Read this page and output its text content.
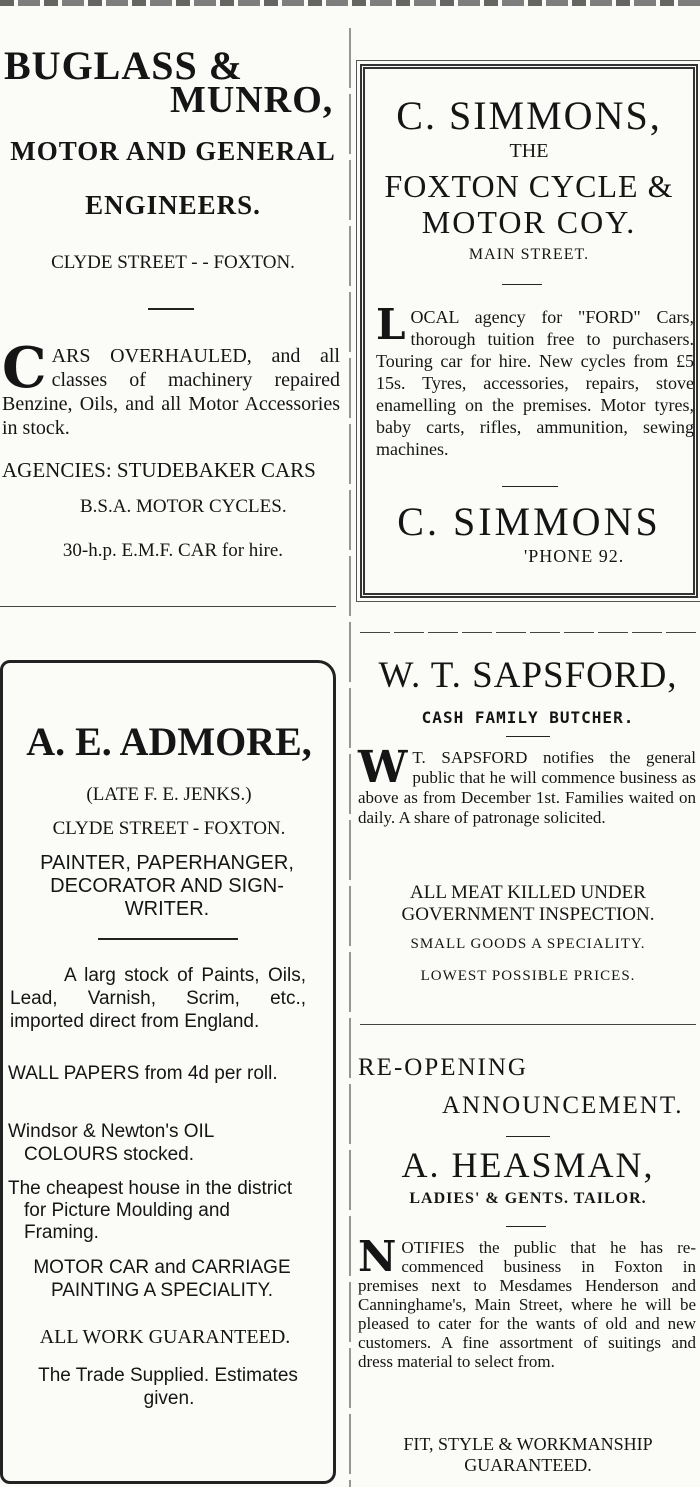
BUGLASS &
MUNRO,
MOTOR AND GENERAL
ENGINEERS.
CLYDE STREET - - FOXTON.
C ARS OVERHAULED, and all classes of machinery repaired Benzine, Oils, and all Motor Accessories in stock.
AGENCIES: STUDEBAKER CARS
B.S.A. MOTOR CYCLES.
30-h.p. E.M.F. CAR for hire.
A. E. ADMORE,
(LATE F. E. JENKS.)
CLYDE STREET - FOXTON.
PAINTER, PAPERHANGER, DECORATOR AND SIGN-WRITER.
A larg stock of Paints, Oils, Lead, Varnish, Scrim, etc., imported direct from England.
WALL PAPERS from 4d per roll.
Windsor & Newton's OIL COLOURS stocked.
The cheapest house in the district for Picture Moulding and Framing.
MOTOR CAR and CARRIAGE PAINTING A SPECIALITY.
ALL WORK GUARANTEED.
The Trade Supplied. Estimates given.
C. SIMMONS,
THE
FOXTON CYCLE &
MOTOR COY.
MAIN STREET.
L OCAL agency for "FORD" Cars, thorough tuition free to purchasers. Touring car for hire. New cycles from £5 15s. Tyres, accessories, repairs, stove enamelling on the premises. Motor tyres, baby carts, rifles, ammunition, sewing machines.
C. SIMMONS
'PHONE 92.
W. T. SAPSFORD,
CASH FAMILY BUTCHER.
W T. SAPSFORD notifies the general public that he will commence business as above as from December 1st. Families waited on daily. A share of patronage solicited.
ALL MEAT KILLED UNDER GOVERNMENT INSPECTION.
SMALL GOODS A SPECIALITY.
LOWEST POSSIBLE PRICES.
RE-OPENING
ANNOUNCEMENT.
A. HEASMAN,
LADIES' & GENTS. TAILOR.
N OTIFIES the public that he has re-commenced business in Foxton in premises next to Mesdames Henderson and Canninghame's, Main Street, where he will be pleased to cater for the wants of old and new customers. A fine assortment of suitings and dress material to select from.
FIT, STYLE & WORKMANSHIP GUARANTEED.
